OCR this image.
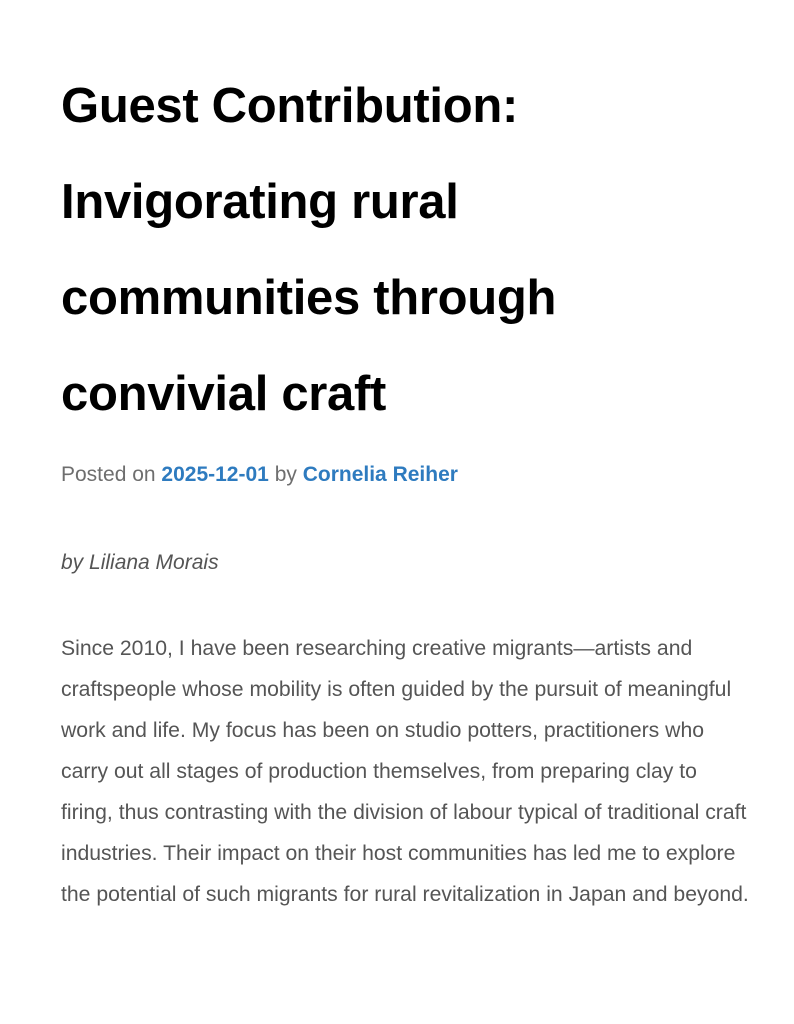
Guest Contribution:
Invigorating rural
communities through
convivial craft
Posted on 2025-12-01 by Cornelia Reiher
by Liliana Morais

Since 2010, I have been researching creative migrants—artists and craftspeople whose mobility is often guided by the pursuit of meaningful work and life. My focus has been on studio potters, practitioners who carry out all stages of production themselves, from preparing clay to firing, thus contrasting with the division of labour typical of traditional craft industries. Their impact on their host communities has led me to explore the potential of such migrants for rural revitalization in Japan and beyond.
